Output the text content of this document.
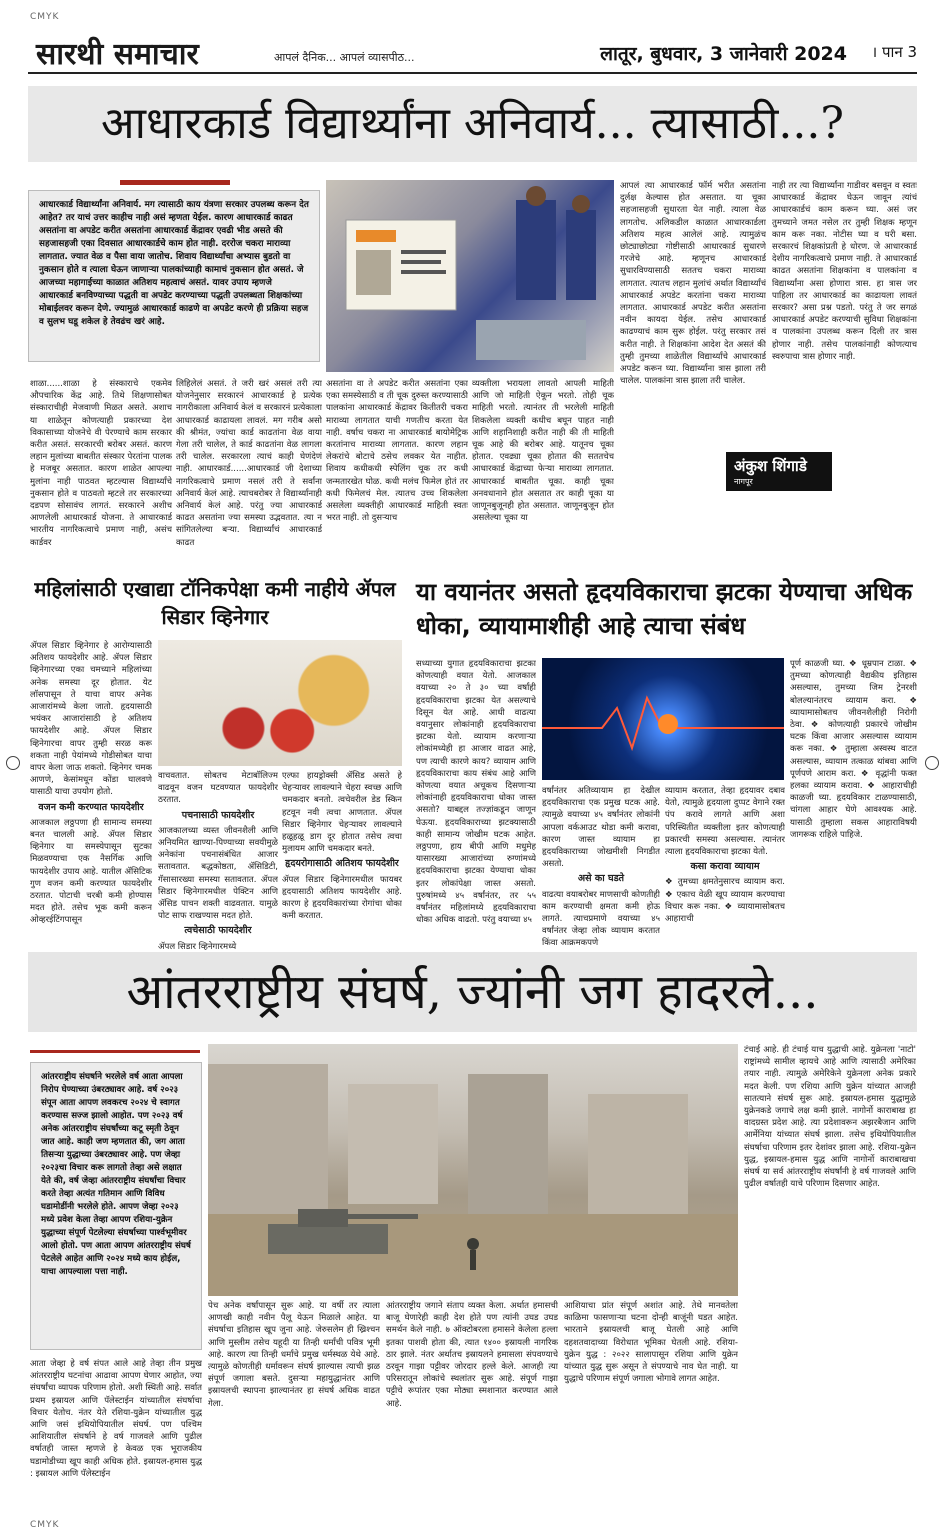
CMYK
सारथी समाचार	आपलं दैनिक... आपलं व्यासपीठ...	लातूर, बुधवार, 3 जानेवारी 2024 । पान 3
आधारकार्ड विद्यार्थ्यांना अनिवार्य... त्यासाठी...?
आधारकार्ड विद्यार्थ्यांना अनिवार्य. मग त्यासाठी काय यंत्रणा सरकार उपलब्ध करून देत आहेत? तर याचं उत्तर काहीच नाही असं म्हणता येईल. कारण आधारकार्ड काढत असतांना वा अपडेट करीत असतांना आधारकार्ड केंद्रावर एवढी भीड असते की सहजासहजी एका दिवसात आधारकार्डचे काम होत नाही. दररोज चकरा माराव्या लागतात. ज्यात वेळ व पैसा वाया जातोच. शिवाय विद्यार्थ्यांचा अभ्यास बुडतो वा नुकसान होते व त्याला घेऊन जाणाऱ्या पालकांच्याही कामाचं नुकसान होत असतं. जे आजच्या महागाईच्या काळात अतिशय महत्वाचं असतं. यावर उपाय म्हणजे आधारकार्ड बनविण्याच्या पद्धती वा अपडेट करण्याच्या पद्धती उपलब्धता शिक्षकांच्या मोबाईलवर करून देणे. ज्यामुळं आधारकार्ड काढणे वा अपडेट करणे ही प्रक्रिया सहज व सुलभ घडू शकेल हे तेवढंच खरं आहे.
शाळा......शाळा हे संस्काराचे एकमेव औपचारिक केंद्र आहे. तिथे शिक्षणासोबत संस्काराचीही मेजवाणी मिळत असते. अशाच या शाळेतून कोणत्याही प्रकारच्या देश विकासाच्या योजनेचे वी पेरण्याचे काम सरकार करीत असतं. सरकारची बरोबर असतं. कारण लहान मुलांच्या बाबतीत संस्कार पेरतांना पालक हे मजबूर असतात. कारण शाळेत आपल्या मुलांना नाही पाठवत म्हटल्यास विद्यार्थ्यांचे नुकसान होते व पाठवतो म्हटले तर सरकारच्या दडपण सोसावंच लागतं. सरकारने अशीच आणलेली आधारकार्ड योजना. ते आधारकार्ड भारतीय नागरिकत्वाचे प्रमाण नाही, असंच कार्डवर
लिहिलेलं असतं. ते जरी खरं असलं तरी त्या योजनेनुसार सरकारनं आधारकार्ड हे प्रत्येक नागरीकाला अनिवार्य केलं व सरकारनं प्रत्येकाला आधारकार्ड काढायला लावलं. मग गरीब असो की श्रीमंत, ज्यांचा कार्ड काढतांना वेळ वाया गेला तरी चालेल, ते कार्ड काढतांना वेळ लागला तरी चालेल. सरकारला त्याचं काही घेणंदेणं नाही. आधारकार्ड......आधारकार्ड जी देशाच्या नागरिकत्वाचे प्रमाण नसलं तरी ते सर्वांना अनिवार्य केलं आहे. त्याचबरोबर ते विद्यार्थ्यांनाही अनिवार्य केलं आहे. परंतु ज्या आधारकार्ड काढत असतांना ज्या समस्या उद्भवतात. त्या न सांगितलेल्या बऱ्या. विद्यार्थ्यांचं आधारकार्ड काढत
असतांना वा ते अपडेट करीत असतांना एका एका समस्येसाठी व ती चूक दुरुस्त करण्यासाठी पालकांना आधारकार्ड केंद्रावर कितीतरी चकरा माराव्या लागतात याची गणतीच करता येत नाही. वर्षाच चकरा ना आधारकार्ड बायोमेट्रिक करतांनाच माराव्या लागतात. कारण लहान लेकरांचे बोटाचे ठसेच लवकर येत नाहीत. शिवाय कधीकधी स्पेलिंग चूक तर कधी जन्मतारखेत घोळ. कधी मलंच फिमेल होतं तर कधी फिमेलचं मेल. त्यातच उच्च शिकलेला असलेला व्यक्तीही आधारकार्ड माहिती स्वतः भरत नाही. तो दुसऱ्याच
व्यक्तीला भरायला लावतो आपली माहिती आणि जो माहिती ऐकून भरतो. तोही चूक माहिती भरतो. त्यानंतर ती भरलेली माहिती शिकलेला व्यक्ती कधीच बघून पाहत नाही आणि शहानिशाही करीत नाही की ती माहिती चूक आहे की बरोबर आहे. यातूनच चूका होतात. एवढ्या चूका होतात की सततचेच आधारकार्ड केंद्राच्या फेऱ्या माराव्या लागतात. आधारकार्ड बाबतीत चूका. काही चूका अनवधानाने होत असतात तर काही चूका या जाणूनबुजूनही होत असतात. जाणूनबुजून होत असलेल्या चूका या
आपलं त्या आधारकार्ड फॉर्म भरीत असतांना दुर्लक्ष केल्यास होत असतात. या चूका सहजासहजी सुधारता येत नाही. त्याला वेळ लागतोच. अलिकडील काळात आधारकार्डला अतिशय महत्व आलेलं आहे. त्यामुळंच छोट्याछोट्या गोष्टीसाठी आधारकार्ड सुधारणे गरजेचे आहे. म्हणूनच आधारकार्ड सुधारविण्यासाठी सततच चकरा माराव्या लागतात. त्यातच लहान मुलांचं अर्थात विद्यार्थ्यांचं आधारकार्ड अपडेट करतांना चकरा माराव्या लागतात. आधारकार्ड अपडेट करीत असतांना नवीन कायदा येईल. तसेच आधारकार्ड काढण्याचं काम सुरू होईल. परंतु सरकार तसं करीत नाही. ते शिक्षकांना आदेश देत असतं की तुम्ही तुमच्या शाळेतील विद्यार्थ्यांचे आधारकार्ड अपडेट करून घ्या. विद्यार्थ्यांना त्रास झाला तरी चालेल. पालकांना त्रास झाला तरी चालेल.
नाही तर त्या विद्यार्थ्यांना गाडीवर बसवून व स्वतः आधारकार्ड केंद्रावर घेऊन जावून त्यांचं आधारकार्डचं काम करून घ्या. असं जर तुमच्याने जमत नसेल तर तुम्ही शिक्षक म्हणून काम करू नका. नोटीस घ्या व घरी बसा. सरकारचं शिक्षकांप्रती हे धोरण. जे आधारकार्ड देशीय नागरिकत्वाचे प्रमाण नाही. ते आधारकार्ड काढत असतांना शिक्षकांना व पालकांना व विद्यार्थ्यांना असा होणारा त्रास. हा त्रास जर पाहिला तर आधारकार्ड का काढायला लावतं सरकार? असा प्रश्न पडतो. परंतु ते जर सगळं आधारकार्ड अपडेट करण्याची सुविधा शिक्षकांना व पालकांना उपलब्ध करून दिली तर त्रास होणार नाही. तसेच पालकांनाही कोणत्याच स्वरुपाचा त्रास होणार नाही.
अंकुश शिंगाडे
नागपूर
महिलांसाठी एखाद्या टॉनिकपेक्षा कमी नाहीये ॲपल सिडार व्हिनेगार

ॲपल सिडार व्हिनेगार हे आरोग्यासाठी अतिशय फायदेशीर आहे. ॲपल सिडार व्हिनेगारच्या एका चमच्याने महिलांच्या अनेक समस्या दूर होतात. येट लॉसपासून ते याचा वापर अनेक आजारांमध्ये केला जातो. हृदयासाठी भयंकर आजारांसाठी हे अतिशय फायदेशीर आहे. ॲपल सिडार व्हिनेगारचा वापर तुम्ही सरळ करू शकता नाही पेयांमध्ये गोडीसोबत याचा वापर केला जाऊ शकतो. व्हिनेगर चमक आणणे, केसांमधून कोंडा घालवणे यासाठी याचा उपयोग होतो.

वजन कमी करण्यात फायदेशीर

आजकाल लठ्ठपणा ही सामान्य समस्या बनत चालली आहे. ॲपल सिडार व्हिनेगार या समस्येपासून सुटका मिळवण्याचा एक नैसर्गिक आणि फायदेशीर उपाय आहे. यातील ॲसिटिक गुण वजन कमी करण्यात फायदेशीर ठरतात. पोटाची चरबी कमी होण्यास मदत होते. तसेच भूक कमी करून ओव्हरईटिंगपासून

वाचवतात. सोबतच मेटाबॉलिज्म वाढवून वजन घटवण्यात फायदेशीर ठरतात.

पचनासाठी फायदेशीर

आजकालच्या व्यस्त जीवनशैली आणि अनियमित खाण्या-पिण्याच्या सवयीमुळे अनेकांना पचनासंबंधित आजार सतावतात. बद्धकोष्ठता, ॲसिडिटी, गॅसासारख्या समस्या सतावतात. ॲपल सिडार व्हिनेगारमधील पेक्टिन आणि ॲसिड पाचन शक्ती वाढवतात. यामुळे पोट साफ राखण्यास मदत होते.

त्वचेसाठी फायदेशीर

ॲपल सिडार व्हिनेगारमध्ये

एल्फा हायड्रोक्सी ॲसिड असते हे चेहऱ्यावर लावल्याने चेहरा स्वच्छ आणि चमकदार बनतो. त्वचेवरील डेड स्किन हटवून नवी त्वचा आणतात. ॲपल सिडार व्हिनेगार चेहऱ्यावर लावल्याने हळूहळू डाग दूर होतात तसेच त्वचा मुलायम आणि चमकदार बनते.

हृदयरोगासाठी अतिशय फायदेशीर

ॲपल सिडार व्हिनेगारमधील फायबर हृदयासाठी अतिशय फायदेशीर आहे. कारण हे हृदयविकारांच्या रोगांचा धोका कमी करतात.

या वयानंतर असतो हृदयविकाराचा झटका येण्याचा अधिक धोका, व्यायामाशीही आहे त्याचा संबंध
सध्याच्या युगात हृदयविकाराचा झटका कोणत्याही वयात येतो. आजकाल वयाच्या २० ते ३० च्या वर्षांही हृदयविकाराचा झटका येत असल्याचे दिसून येत आहे. आधी वाढत्या वयानुसार लोकांनाही हृदयविकाराचा झटका येतो. व्यायाम करणाऱ्या लोकांमध्येही हा आजार वाढत आहे, पण त्याची कारणे काय? व्यायाम आणि हृदयविकाराचा काय संबंध आहे आणि कोणत्या वयात अचूकच दिसणाऱ्या लोकांनाही हृदयविकाराचा धोका जास्त असतो? याबद्दल तज्ज्ञांकडून जाणून घेऊया. हृदयविकाराच्या झटक्यासाठी काही सामान्य जोखीम घटक आहेत. लठ्ठपणा, हाय बीपी आणि मधुमेह यासारख्या आजारांच्या रुग्णांमध्ये हृदयविकाराचा झटका येण्याचा धोका इतर लोकांपेक्षा जास्त असतो. पुरुषांमध्ये ४५ वर्षांनंतर, तर ५५ वर्षांनंतर महिलांमध्ये हृदयविकाराचा धोका अधिक वाढतो. परंतु वयाच्या ४५

वर्षांनंतर अतिव्यायाम हा देखील हृदयविकाराचा एक प्रमुख घटक आहे. त्यामुळे वयाच्या ४५ वर्षांनंतर लोकांनी आपला वर्कआउट थोडा कमी करावा, कारण जास्त व्यायाम हा हृदयविकाराच्या जोखमीशी निगडीत असतो.

असे का घडते

वाढत्या वयाबरोबर माणसाची कोणतीही काम करण्याची क्षमता कमी होऊ लागते. त्याचप्रमाणे वयाच्या ४५ वर्षांनंतर जेव्हा लोक व्यायाम करतात किंवा आक्रमकपणे

व्यायाम करतात, तेव्हा हृदयावर दबाव येतो, त्यामुळे हृदयाला दुप्पट वेगाने रक्त पंप करावे लागते आणि अशा परिस्थितीत व्यक्तीला इतर कोणत्याही प्रकारची समस्या असल्यास. त्यानंतर त्याला हृदयविकाराचा झटका येतो.

कसा करावा व्यायाम

❖ तुमच्या क्षमतेनुसारच व्यायाम करा. ❖ एकाच वेळी खूप व्यायाम करण्याचा विचार करू नका. ❖ व्यायामासोबतच आहाराची

पूर्ण काळजी घ्या. ❖ धूम्रपान टाळा. ❖ तुमच्या कोणत्याही वैद्यकीय इतिहास असल्यास, तुमच्या जिम ट्रेनरशी बोलल्यानंतरच व्यायाम करा. ❖ व्यायामासोबतच जीवनशैलीही निरोगी ठेवा. ❖ कोणत्याही प्रकारचे जोखीम घटक किंवा आजार असल्यास व्यायाम करू नका. ❖ तुम्हाला अस्वस्थ वाटत असल्यास, व्यायाम तत्काळ थांबवा आणि पूर्णपणे आराम करा. ❖ वृद्धांनी फक्त हलका व्यायाम करावा. ❖ आहाराचीही काळजी घ्या. हृदयविकार टाळण्यासाठी, चांगला आहार घेणे आवश्यक आहे. यासाठी तुम्हाला सकस आहाराविषयी जागरूक राहिले पाहिजे.
आंतरराष्ट्रीय संघर्ष, ज्यांनी जग हादरले...
आंतरराष्ट्रीय संघर्षाने भरलेले वर्ष आता आपला निरोप घेण्याच्या उंबरठ्यावर आहे. वर्ष २०२३ संपून आता आपण लवकरच २०२४ चे स्वागत करण्यास सज्ज झालो आहोत. पण २०२३ वर्ष अनेक आंतरराष्ट्रीय संघर्षांच्या कटू स्मृती ठेवून जात आहे. काही जण म्हणतात की, जग आता तिसऱ्या युद्धाच्या उंबरठ्यावर आहे. पण जेव्हा २०२३चा विचार करू लागतो तेव्हा असे लक्षात येते की, वर्ष जेव्हा आंतरराष्ट्रीय संघर्षांचा विचार करते तेव्हा अत्यंत गतिमान आणि विविध घडामोडींनी भरलेले होते. आपण जेव्हा २०२३ मध्ये प्रवेश केला तेव्हा आपण रशिया-युक्रेन युद्धाच्या संपूर्ण पेटलेल्या संघर्षाच्या पार्श्वभूमीवर आलो होतो. पण आता आपण आंतरराष्ट्रीय संघर्ष पेटलेले आहेत आणि २०२४ मध्ये काय होईल, याचा आपल्याला पत्ता नाही.
आता जेव्हा हे वर्ष संपत आले आहे तेव्हा तीन प्रमुख आंतरराष्ट्रीय घटनांचा आढावा आपण घेणार आहोत, ज्या संघर्षांचा व्यापक परिणाम होतो. अशी स्थिती आहे. सर्वात प्रथम इस्रायल आणि पॅलेस्टाईन यांच्यातील संघर्षाचा विचार येतोच. नंतर येते रशिया-युक्रेन यांच्यातील युद्ध आणि जसं इथियोपियातील संघर्ष. पण पश्चिम आशियातील संघर्षाने हे वर्ष गाजवले आणि पुढील वर्षातही जास्त म्हणजे हे केवळ एक भूराजकीय घडामोडीच्या खूप काही अधिक होते. इस्रायल-हमास युद्ध : इस्रायल आणि पॅलेस्टाईन
पेच अनेक वर्षांपासून सुरू आहे. या वर्षी तर त्याला आणखी काही नवीन पैलू येऊन मिळाले आहेत. या संघर्षाचा इतिहास खूप जुना आहे. जेरुसलेम ही ख्रिश्चन आणि मुस्लीम तसेच यहूदी या तिन्ही धर्मांची पवित्र भूमी आहे. कारण त्या तिन्ही धर्मांचे प्रमुख धर्मस्थळ येथे आहे. त्यामुळे कोणतीही धर्मावरून संघर्ष झाल्यास त्याची झळ संपूर्ण जगाला बसते. दुसऱ्या महायुद्धानंतर आणि इस्रायलची स्थापना झाल्यानंतर हा संघर्ष अधिक वाढत गेला.
आंतरराष्ट्रीय जगाने संताप व्यक्त केला. अर्थात हमासची बाजू घेणारेही काही देश होते पण त्यांनी उघड उघड समर्थन केले नाही. ७ ऑक्टोबरला हमासने केलेला हल्ला इतका पाशवी होता की, त्यात १४०० इस्रायली नागरिक ठार झाले. नंतर अर्थातच इस्रायलने हमासला संपवण्याचे ठरवून गाझा पट्टीवर जोरदार हल्ले केले. आजही त्या परिसरातून लोकांचे स्थलांतर सुरू आहे. संपूर्ण गाझा पट्टीचे रूपांतर एका मोठ्या स्मशानात करण्यात आले आहे.
आशियाचा प्रांत संपूर्ण अशांत आहे. तेथे मानवतेला काळिमा फासणाऱ्या घटना दोन्ही बाजूंनी घडत आहेत. भारताने इस्रायलची बाजू घेतली आहे आणि दहशतवादाच्या विरोधात भूमिका घेतली आहे. रशिया-युक्रेन युद्ध : २०२२ सालापासून रशिया आणि युक्रेन यांच्यात युद्ध सुरू असून ते संपण्याचे नाव घेत नाही. या युद्धाचे परिणाम संपूर्ण जगाला भोगावे लागत आहेत.
टंचाई आहे. ही टंचाई याच युद्धाची आहे. युक्रेनला 'नाटो' राष्ट्रांमध्ये सामील व्हायचे आहे आणि त्यासाठी अमेरिका तयार नाही. त्यामुळे अमेरिकेने युक्रेनला अनेक प्रकारे मदत केली. पण रशिया आणि युक्रेन यांच्यात आजही सातत्याने संघर्ष सुरू आहे. इस्रायल-हमास युद्धामुळे युक्रेनकडे जगाचे लक्ष कमी झाले. नागोर्नो काराबाख हा वादग्रस्त प्रदेश आहे. त्या प्रदेशावरून अझरबैजान आणि आर्मेनिया यांच्यात संघर्ष झाला. तसेच इथियोपियातील संघर्षाचा परिणाम इतर देशांवर झाला आहे. रशिया-युक्रेन युद्ध, इस्रायल-हमास युद्ध आणि नागोर्नो काराबाखचा संघर्ष या सर्व आंतरराष्ट्रीय संघर्षांनी हे वर्ष गाजवले आणि पुढील वर्षातही याचे परिणाम दिसणार आहेत.
CMYK
